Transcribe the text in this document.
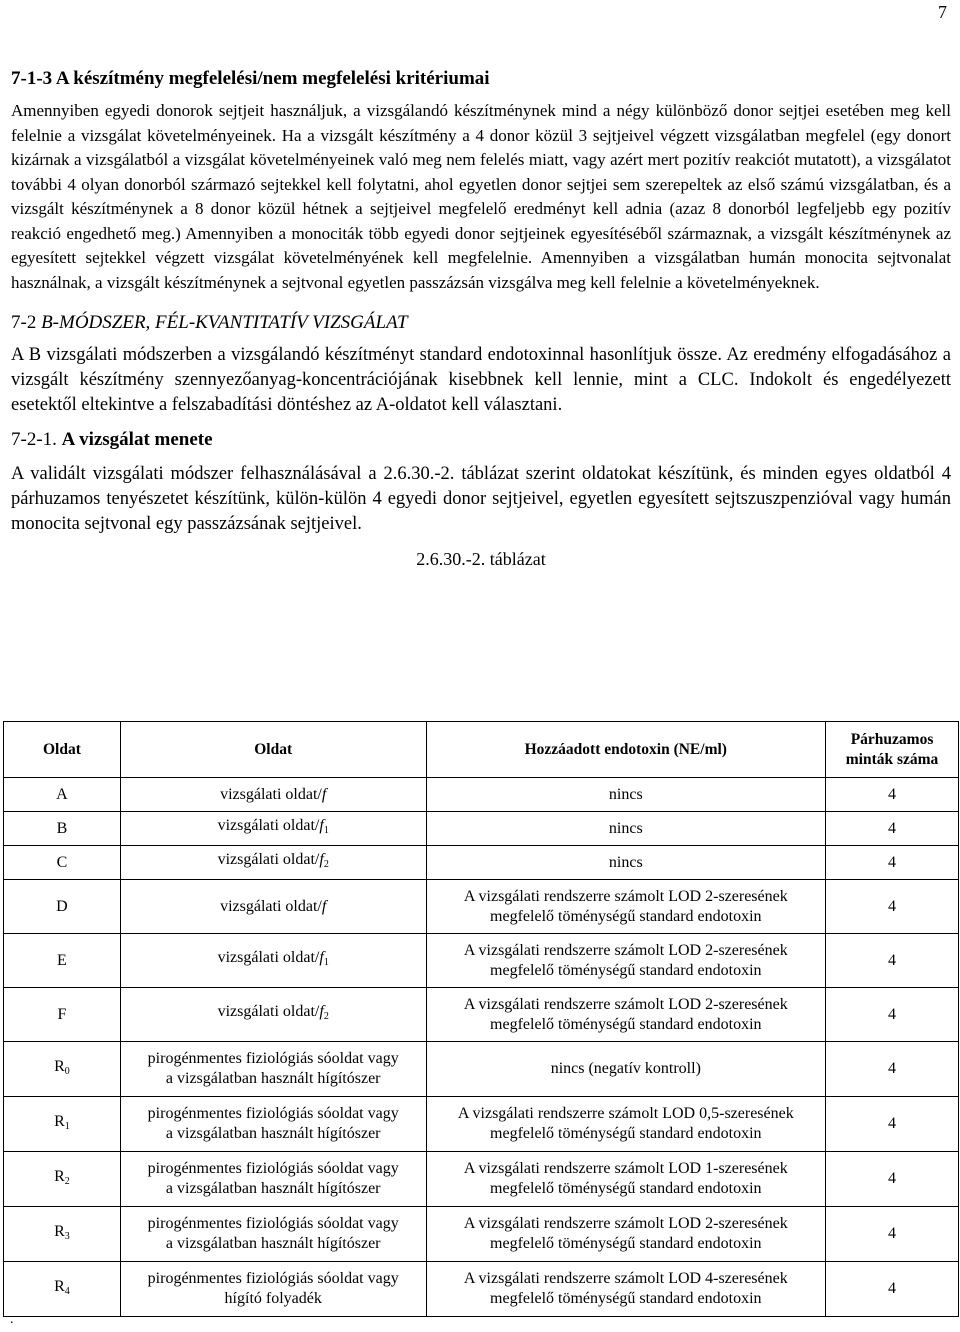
7

7-1-3 A készítmény megfelelési/nem megfelelési kritériumai

Amennyiben egyedi donorok sejtjeit használjuk, a vizsgálandó készítménynek mind a négy különböző donor sejtjei esetében meg kell felelnie a vizsgálat követelményeinek. Ha a vizsgált készítmény a 4 donor közül 3 sejtjeivel végzett vizsgálatban megfelel (egy donort kizárnak a vizsgálatból a vizsgálat követelményeinek való meg nem felelés miatt, vagy azért mert pozitív reakciót mutatott), a vizsgálatot további 4 olyan donorból származó sejtekkel kell folytatni, ahol egyetlen donor sejtjei sem szerepeltek az első számú vizsgálatban, és a vizsgált készítménynek a 8 donor közül hétnek a sejtjeivel megfelelő eredményt kell adnia (azaz 8 donorból legfeljebb egy pozitív reakció engedhető meg.) Amennyiben a monociták több egyedi donor sejtjeinek egyesítéséből származnak, a vizsgált készítménynek az egyesített sejtekkel végzett vizsgálat követelményének kell megfelelnie. Amennyiben a vizsgálatban humán monocita sejtvonalat használnak, a vizsgált készítménynek a sejtvonal egyetlen passzázsán vizsgálva meg kell felelnie a követelményeknek.

7-2 B-MÓDSZER, FÉL-KVANTITATÍV VIZSGÁLAT

A B vizsgálati módszerben a vizsgálandó készítményt standard endotoxinnal hasonlítjuk össze. Az eredmény elfogadásához a vizsgált készítmény szennyezőanyag-koncentrációjának kisebbnek kell lennie, mint a CLC. Indokolt és engedélyezett esetektől eltekintve a felszabadítási döntéshez az A-oldatot kell választani.

7-2-1. A vizsgálat menete

A validált vizsgálati módszer felhasználásával a 2.6.30.-2. táblázat szerint oldatokat készítünk, és minden egyes oldatból 4 párhuzamos tenyészetet készítünk, külön-külön 4 egyedi donor sejtjeivel, egyetlen egyesített sejtszuszpenzióval vagy humán monocita sejtvonal egy passzázsának sejtjeivel.

2.6.30.-2. táblázat

Oldat	Oldat	Hozzáadott endotoxin (NE/ml)	Párhuzamos
minták száma
A	vizsgálati oldat/f	nincs	4
B	vizsgálati oldat/$f_1$	nincs	4
C	vizsgálati oldat/$f_2$	nincs	4
D	vizsgálati oldat/f	A vizsgálati rendszerre számolt LOD 2-szeresének
megfelelő töménységű standard endotoxin	4
E	vizsgálati oldat/$f_1$	A vizsgálati rendszerre számolt LOD 2-szeresének
megfelelő töménységű standard endotoxin	4
F	vizsgálati oldat/$f_2$	A vizsgálati rendszerre számolt LOD 2-szeresének
megfelelő töménységű standard endotoxin	4
$R_0$	pirogénmentes fiziológiás sóoldat vagy
a vizsgálatban használt hígítószer	nincs (negatív kontroll)	4
$R_1$	pirogénmentes fiziológiás sóoldat vagy
a vizsgálatban használt hígítószer	A vizsgálati rendszerre számolt LOD 0,5-szeresének
megfelelő töménységű standard endotoxin	4
$R_2$	pirogénmentes fiziológiás sóoldat vagy
a vizsgálatban használt hígítószer	A vizsgálati rendszerre számolt LOD 1-szeresének
megfelelő töménységű standard endotoxin	4
$R_3$	pirogénmentes fiziológiás sóoldat vagy
a vizsgálatban használt hígítószer	A vizsgálati rendszerre számolt LOD 2-szeresének
megfelelő töménységű standard endotoxin	4
$R_4$	pirogénmentes fiziológiás sóoldat vagy
hígító folyadék	A vizsgálati rendszerre számolt LOD 4-szeresének
megfelelő töménységű standard endotoxin	4
.
